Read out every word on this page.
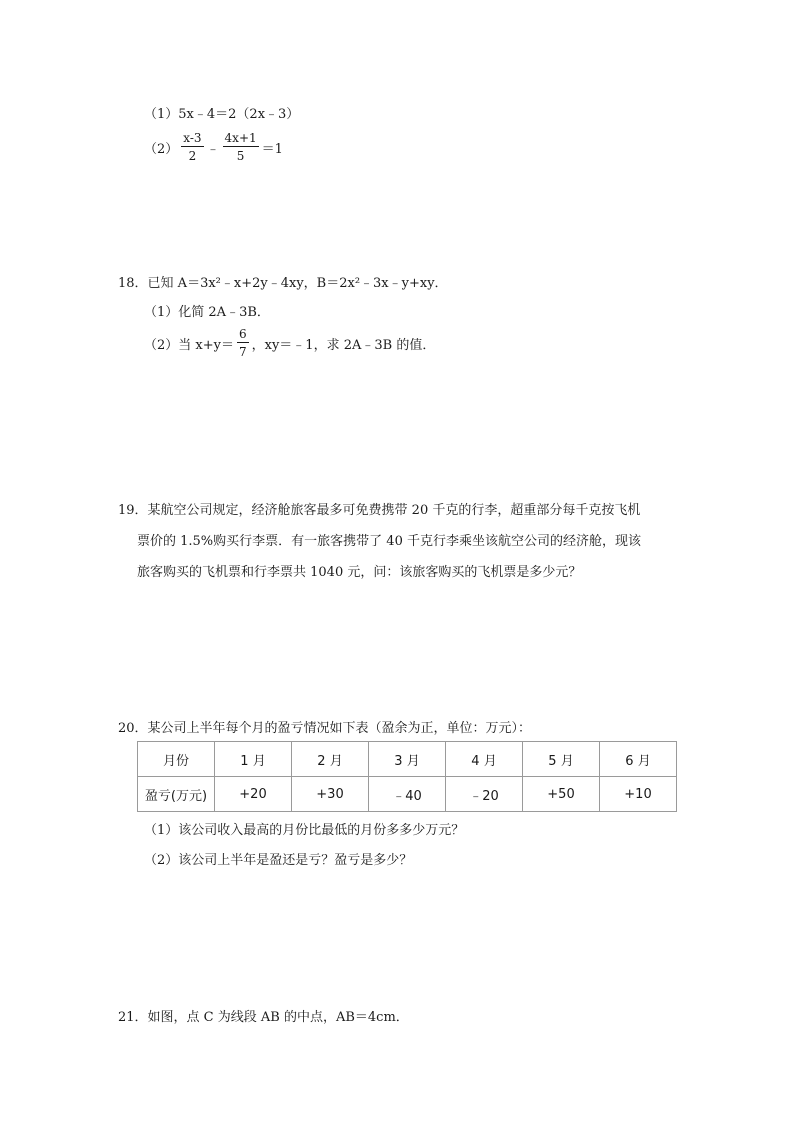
（1） 5x﹣4＝2（2x﹣3）
$(2) \frac{x-3}{2}$ ﹣ $\frac{4x+1}{5} =1$
18．已知 A＝3x²﹣x+2y﹣4xy，B＝2x²﹣3x﹣y+xy．
（1）化简 2A﹣3B．
（2）当 $x+y= \frac{6}{7}$ ，xy＝﹣1，求 2A﹣3B 的值．
19．某航空公司规定，经济舱旅客最多可免费携带 20 千克的行李，超重部分每千克按飞机
票价的 1.5%购买行李票．有一旅客携带了 40 千克行李乘坐该航空公司的经济舱，现该
旅客购买的飞机票和行李票共 1040 元，问：该旅客购买的飞机票是多少元？
20．某公司上半年每个月的盈亏情况如下表（盈余为正，单位：万元）：
月份	1 月	2 月	3 月	4 月	5 月	6 月
盈亏(万元)	+20	+30	﹣40	﹣20	+50	+10
（1）该公司收入最高的月份比最低的月份多多少万元？
（2）该公司上半年是盈还是亏？盈亏是多少？
21．如图，点 C 为线段 AB 的中点，AB＝4cm．
